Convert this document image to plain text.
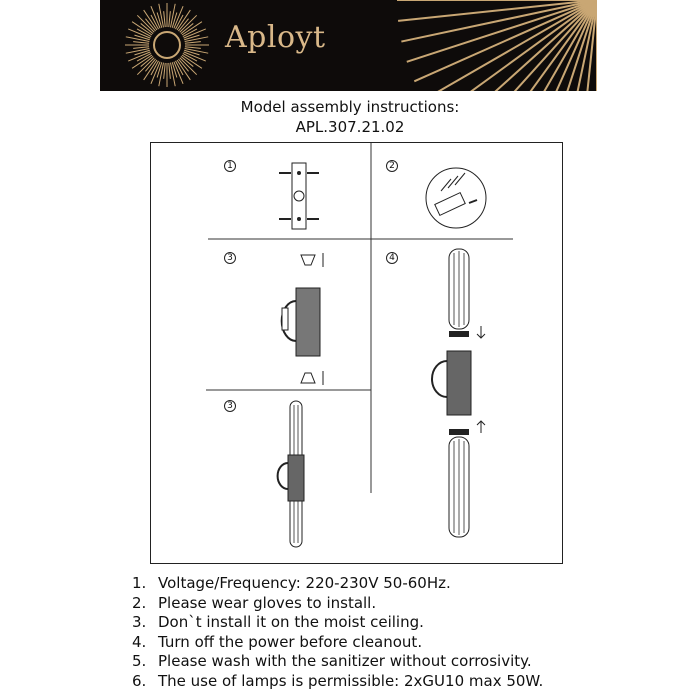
Aployt
Model assembly instructions:
APL.307.21.02
1	2
3	4
3
1. Voltage/Frequency: 220-230V 50-60Hz.
2. Please wear gloves to install.
3. Don`t install it on the moist ceiling.
4. Turn off the power before cleanout.
5. Please wash with the sanitizer without corrosivity.
6. The use of lamps is permissible: 2xGU10 max 50W.
